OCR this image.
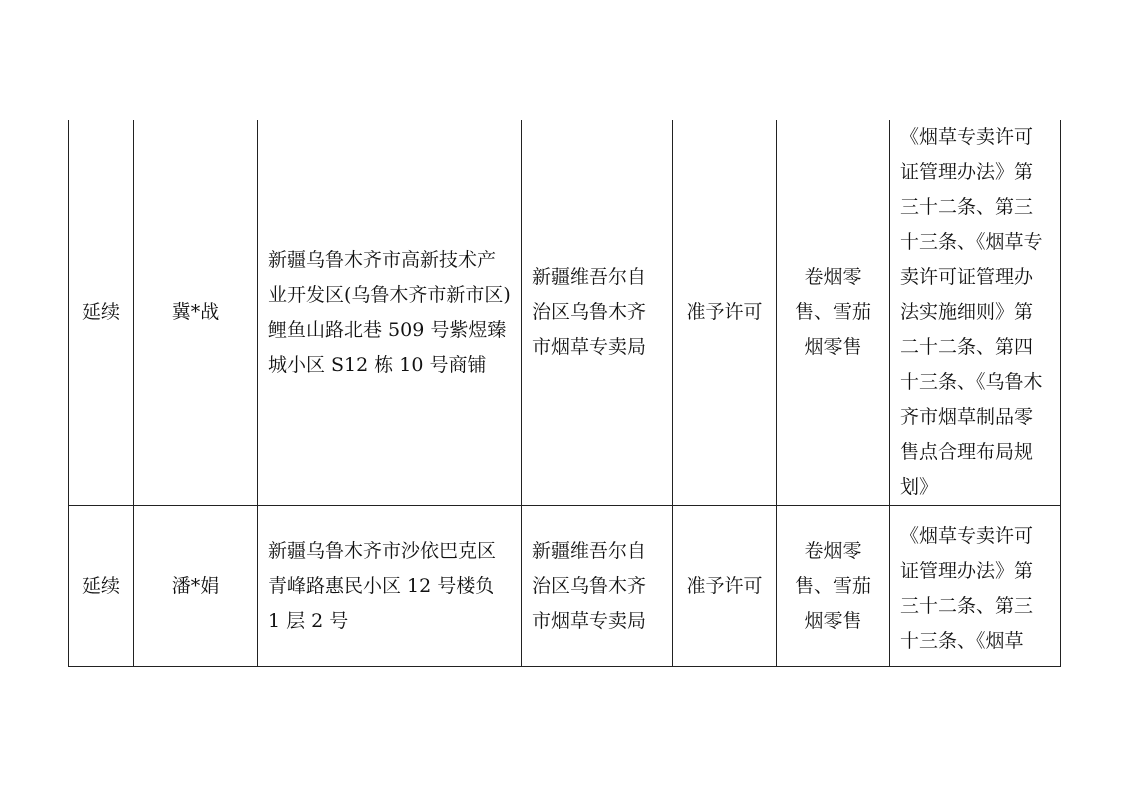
延续	冀*战	新疆乌鲁木齐市高新技术产业开发区(乌鲁木齐市新市区)鲤鱼山路北巷 509 号紫煜臻城小区 S12 栋 10 号商铺	新疆维吾尔自治区乌鲁木齐市烟草专卖局	准予许可	卷烟零售、雪茄烟零售	《烟草专卖许可证管理办法》第三十二条、第三十三条、《烟草专卖许可证管理办法实施细则》第二十二条、第四十三条、《乌鲁木齐市烟草制品零售点合理布局规划》

延续	潘*娟	新疆乌鲁木齐市沙依巴克区青峰路惠民小区 12 号楼负 1 层 2 号	新疆维吾尔自治区乌鲁木齐市烟草专卖局	准予许可	卷烟零售、雪茄烟零售	《烟草专卖许可证管理办法》第三十二条、第三十三条、《烟草
